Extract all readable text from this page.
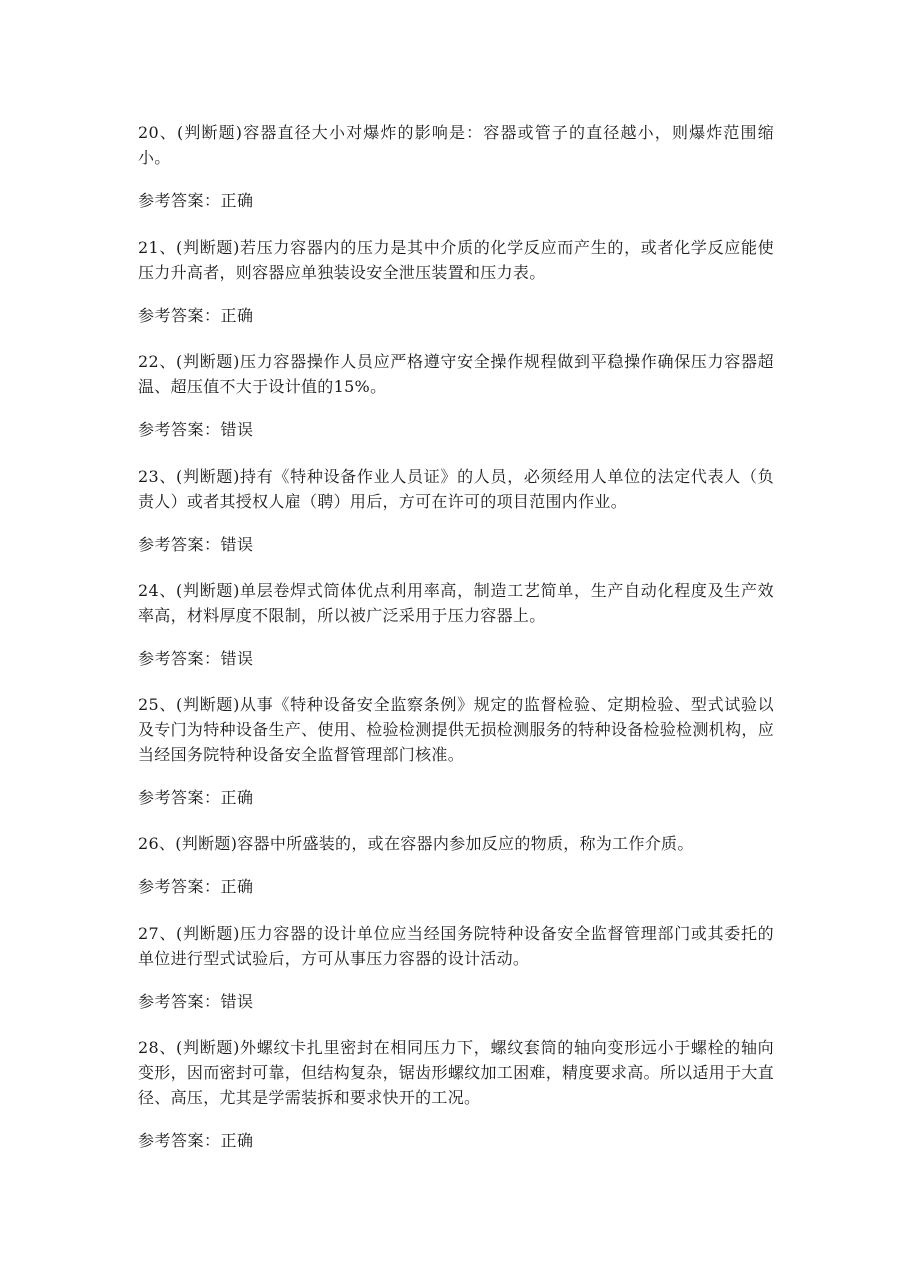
20、(判断题)容器直径大小对爆炸的影响是：容器或管子的直径越小，则爆炸范围缩小。

参考答案：正确

21、(判断题)若压力容器内的压力是其中介质的化学反应而产生的，或者化学反应能使压力升高者，则容器应单独装设安全泄压装置和压力表。

参考答案：正确

22、(判断题)压力容器操作人员应严格遵守安全操作规程做到平稳操作确保压力容器超温、超压值不大于设计值的15%。

参考答案：错误

23、(判断题)持有《特种设备作业人员证》的人员，必须经用人单位的法定代表人（负责人）或者其授权人雇（聘）用后，方可在许可的项目范围内作业。

参考答案：错误

24、(判断题)单层卷焊式筒体优点利用率高，制造工艺简单，生产自动化程度及生产效率高，材料厚度不限制，所以被广泛采用于压力容器上。

参考答案：错误

25、(判断题)从事《特种设备安全监察条例》规定的监督检验、定期检验、型式试验以及专门为特种设备生产、使用、检验检测提供无损检测服务的特种设备检验检测机构，应当经国务院特种设备安全监督管理部门核准。

参考答案：正确

26、(判断题)容器中所盛装的，或在容器内参加反应的物质，称为工作介质。

参考答案：正确

27、(判断题)压力容器的设计单位应当经国务院特种设备安全监督管理部门或其委托的单位进行型式试验后，方可从事压力容器的设计活动。

参考答案：错误

28、(判断题)外螺纹卡扎里密封在相同压力下，螺纹套筒的轴向变形远小于螺栓的轴向变形，因而密封可靠，但结构复杂，锯齿形螺纹加工困难，精度要求高。所以适用于大直径、高压，尤其是学需装拆和要求快开的工况。

参考答案：正确
